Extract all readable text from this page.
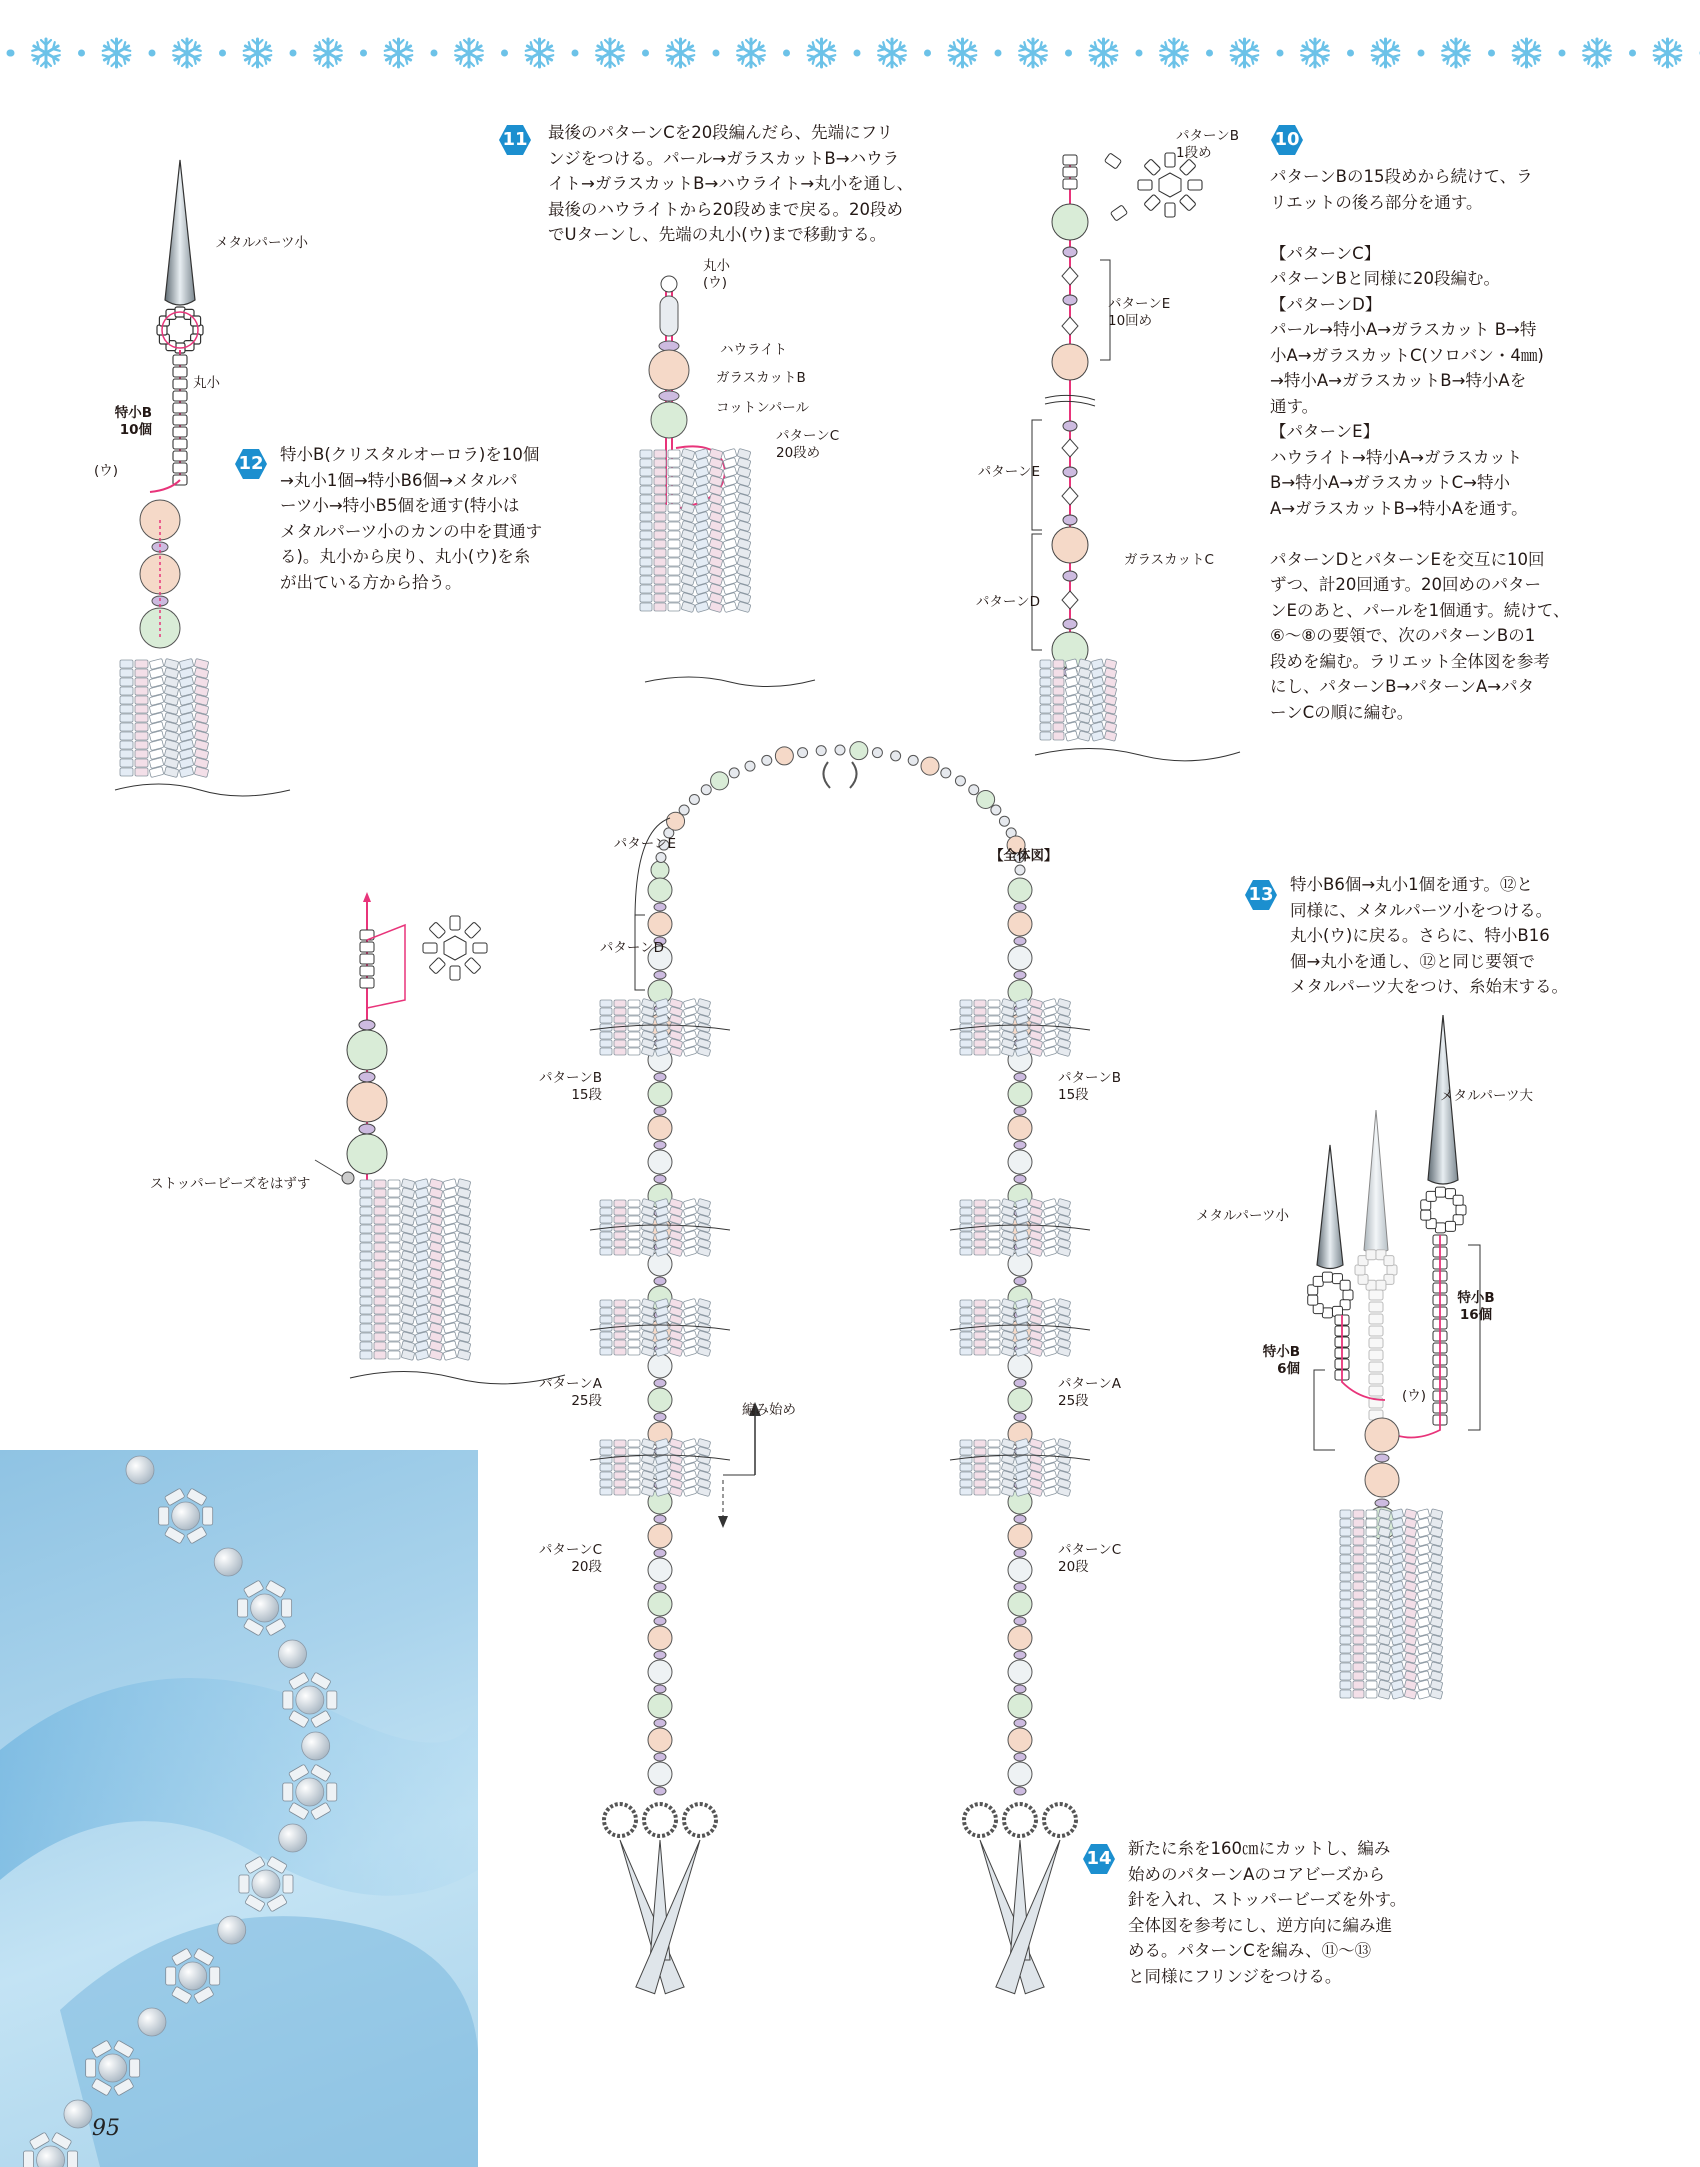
メタルパーツ小
丸小
特小B
10個
(ウ)	12 特小B(クリスタルオーロラ)を10個
→丸小1個→特小B6個→メタルパ
ーツ小→特小B5個を通す(特小は
メタルパーツ小のカンの中を貫通す
る)。丸小から戻り、丸小(ウ)を糸
が出ている方から拾う。
11 最後のパターンCを20段編んだら、先端にフリ
ンジをつける。パール→ガラスカットB→ハウラ
イト→ガラスカットB→ハウライト→丸小を通し、
最後のハウライトから20段めまで戻る。20段め
でUターンし、先端の丸小(ウ)まで移動する。
丸小
(ウ)
ハウライト
ガラスカットB
コットンパール
パターンC
20段め
パターンB
1段め
パターンE
10回め
パターンE
パターンD
ガラスカットC
10
パターンBの15段めから続けて、ラ
リエットの後ろ部分を通す。

【パターンC】
パターンBと同様に20段編む。
【パターンD】
パール→特小A→ガラスカット B→特
小A→ガラスカットC(ソロバン・4㎜)
→特小A→ガラスカットB→特小Aを
通す。
【パターンE】
ハウライト→特小A→ガラスカット
B→特小A→ガラスカットC→特小
A→ガラスカットB→特小Aを通す。

パターンDとパターンEを交互に10回
ずつ、計20回通す。20回めのパター
ンEのあと、パールを1個通す。続けて、
⑥～⑧の要領で、次のパターンBの1
段めを編む。ラリエット全体図を参考
にし、パターンB→パターンA→パタ
ーンCの順に編む。
ストッパービーズをはずす
【全体図】
パターンE
パターンD
パターンB
15段
パターンA
25段
パターンC
20段
パターンB
15段
パターンA
25段
パターンC
20段
編み始め
13 特小B6個→丸小1個を通す。⑫と
同様に、メタルパーツ小をつける。
丸小(ウ)に戻る。さらに、特小B16
個→丸小を通し、⑫と同じ要領で
メタルパーツ大をつけ、糸始末する。
メタルパーツ大
メタルパーツ小
特小B
16個
特小B
6個
(ウ)
14 新たに糸を160㎝にカットし、編み
始めのパターンAのコアビーズから
針を入れ、ストッパービーズを外す。
全体図を参考にし、逆方向に編み進
める。パターンCを編み、⑪～⑬
と同様にフリンジをつける。
95
